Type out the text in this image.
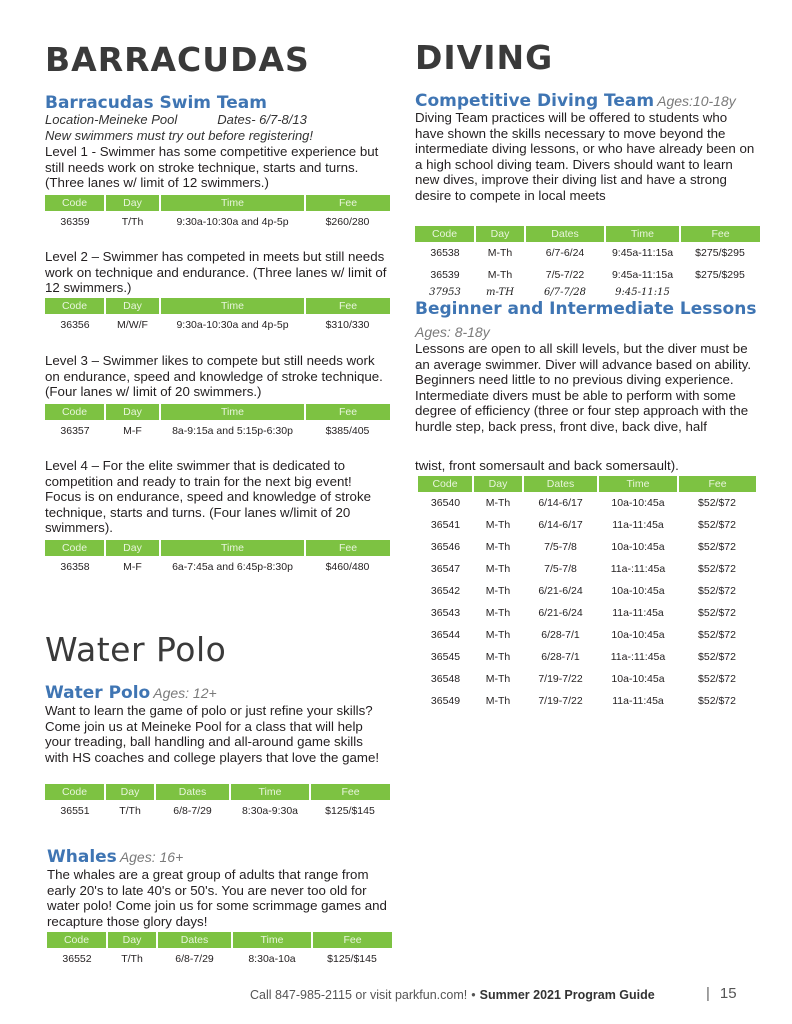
BARRACUDAS
Barracudas Swim Team
Location-Meineke Pool	Dates- 6/7-8/13
New swimmers must try out before registering!

Level 1 - Swimmer has some competitive experience but still needs work on stroke technique, starts and turns. (Three lanes w/ limit of 12 swimmers.)

Code	Day	Time	Fee
36359	T/Th	9:30a-10:30a and 4p-5p	$260/280

Level 2 – Swimmer has competed in meets but still needs work on technique and endurance. (Three lanes w/ limit of 12 swimmers.)

Code	Day	Time	Fee
36356	M/W/F	9:30a-10:30a and 4p-5p	$310/330

Level 3 – Swimmer likes to compete but still needs work on endurance, speed and knowledge of stroke technique. (Four lanes w/ limit of 20 swimmers.)

Code	Day	Time	Fee
36357	M-F	8a-9:15a and 5:15p-6:30p	$385/405

Level 4 – For the elite swimmer that is dedicated to competition and ready to train for the next big event! Focus is on endurance, speed and knowledge of stroke technique, starts and turns. (Four lanes w/limit of 20 swimmers).

Code	Day	Time	Fee
36358	M-F	6a-7:45a and 6:45p-8:30p	$460/480
Water Polo
Water Polo Ages: 12+

Want to learn the game of polo or just refine your skills? Come join us at Meineke Pool for a class that will help your treading, ball handling and all-around game skills with HS coaches and college players that love the game!

Code	Day	Dates	Time	Fee
36551	T/Th	6/8-7/29	8:30a-9:30a	$125/$145
Whales Ages: 16+

The whales are a great group of adults that range from early 20's to late 40's or 50's. You are never too old for water polo! Come join us for some scrimmage games and recapture those glory days!

Code	Day	Dates	Time	Fee
36552	T/Th	6/8-7/29	8:30a-10a	$125/$145
DIVING
Competitive Diving Team Ages:10-18y

Diving Team practices will be offered to students who have shown the skills necessary to move beyond the intermediate diving lessons, or who have already been on a high school diving team. Divers should want to learn new dives, improve their diving list and have a strong desire to compete in local meets

Code	Day	Dates	Time	Fee
36538	M-Th	6/7-6/24	9:45a-11:15a	$275/$295
36539	M-Th	7/5-7/22	9:45a-11:15a	$275/$295
37953	m-TH	6/7-7/28	9:45-11:15	
Beginner and Intermediate Lessons
Ages: 8-18y

Lessons are open to all skill levels, but the diver must be an average swimmer. Diver will advance based on ability. Beginners need little to no previous diving experience. Intermediate divers must be able to perform with some degree of efficiency (three or four step approach with the hurdle step, back press, front dive, back dive, half

twist, front somersault and back somersault).

Code	Day	Dates	Time	Fee
36540	M-Th	6/14-6/17	10a-10:45a	$52/$72
36541	M-Th	6/14-6/17	11a-11:45a	$52/$72
36546	M-Th	7/5-7/8	10a-10:45a	$52/$72
36547	M-Th	7/5-7/8	11a-:11:45a	$52/$72
36542	M-Th	6/21-6/24	10a-10:45a	$52/$72
36543	M-Th	6/21-6/24	11a-11:45a	$52/$72
36544	M-Th	6/28-7/1	10a-10:45a	$52/$72
36545	M-Th	6/28-7/1	11a-:11:45a	$52/$72
36548	M-Th	7/19-7/22	10a-10:45a	$52/$72
36549	M-Th	7/19-7/22	11a-11:45a	$52/$72
Call 847-985-2115 or visit parkfun.com! • Summer 2021 Program Guide	| 15
